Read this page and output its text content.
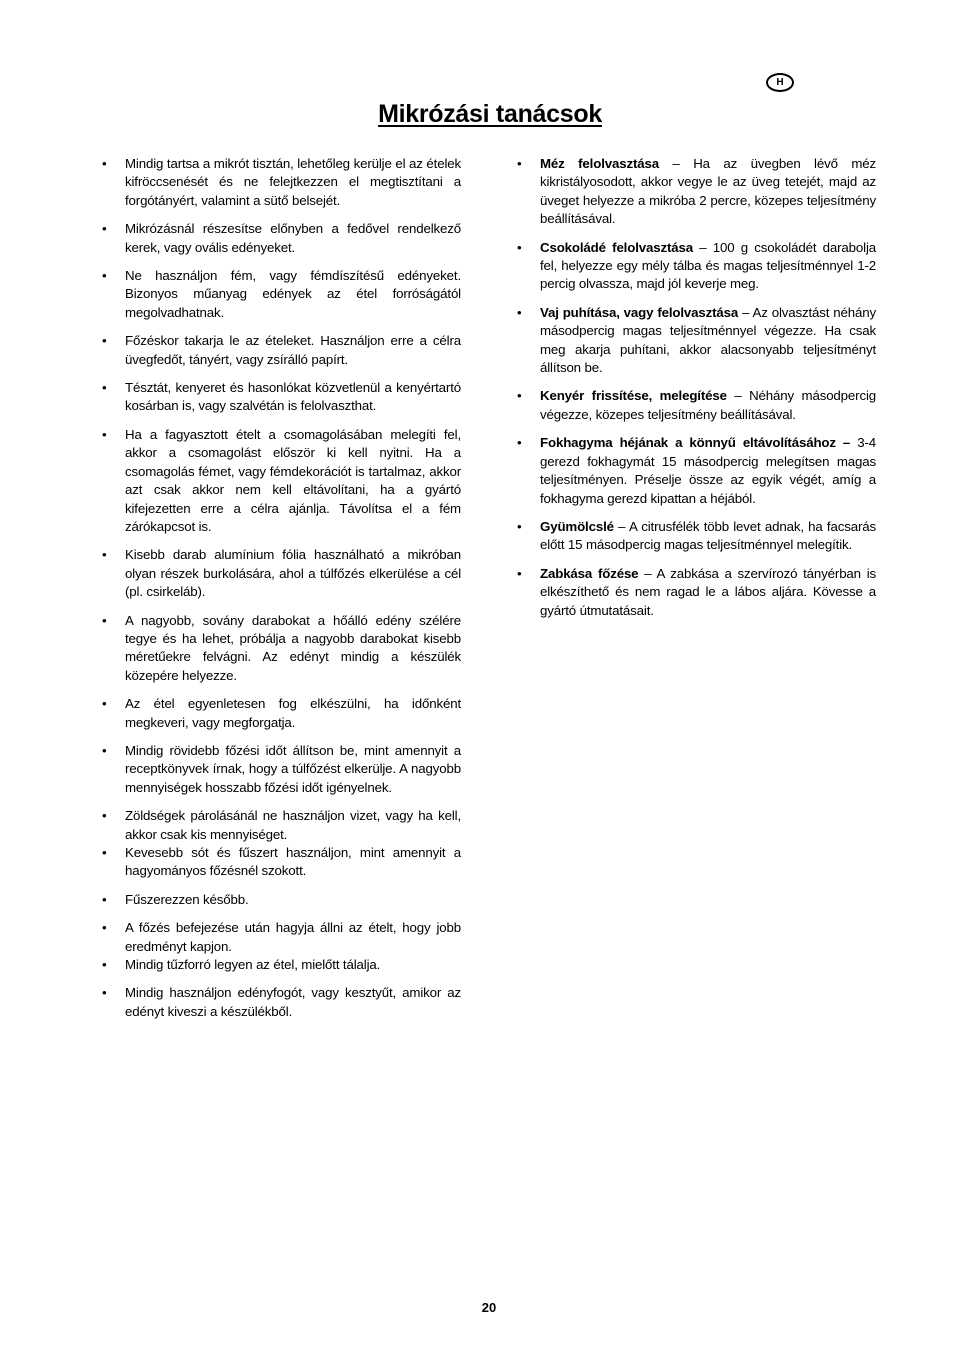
H
Mikrózási tanácsok
• Mindig tartsa a mikrót tisztán, lehetőleg kerülje el az ételek kifröccsenését és ne felejtkezzen el megtisztítani a forgótányért, valamint a sütő belsejét.
• Mikrózásnál részesítse előnyben a fedővel rendelkező kerek, vagy ovális edényeket.
• Ne használjon fém, vagy fémdíszítésű edényeket. Bizonyos műanyag edények az étel forróságától megolvadhatnak.
• Főzéskor takarja le az ételeket. Használjon erre a célra üvegfedőt, tányért, vagy zsírálló papírt.
• Tésztát, kenyeret és hasonlókat közvetlenül a kenyértartó kosárban is, vagy szalvétán is felolvaszthat.
• Ha a fagyasztott ételt a csomagolásában melegíti fel, akkor a csomagolást először ki kell nyitni. Ha a csomagolás fémet, vagy fémdekorációt is tartalmaz, akkor azt csak akkor nem kell eltávolítani, ha a gyártó kifejezetten erre a célra ajánlja. Távolítsa el a fém zárókapcsot is.
• Kisebb darab alumínium fólia használható a mikróban olyan részek burkolására, ahol a túlfőzés elkerülése a cél (pl. csirkeláb).
• A nagyobb, sovány darabokat a hőálló edény szélére tegye és ha lehet, próbálja a nagyobb darabokat kisebb méretűekre felvágni. Az edényt mindig a készülék közepére helyezze.
• Az étel egyenletesen fog elkészülni, ha időnként megkeveri, vagy megforgatja.
• Mindig rövidebb főzési időt állítson be, mint amennyit a receptkönyvek írnak, hogy a túlfőzést elkerülje. A nagyobb mennyiségek hosszabb főzési időt igényelnek.
• Zöldségek párolásánál ne használjon vizet, vagy ha kell, akkor csak kis mennyiséget.
• Kevesebb sót és fűszert használjon, mint amennyit a hagyományos főzésnél szokott.
• Fűszerezzen később.
• A főzés befejezése után hagyja állni az ételt, hogy jobb eredményt kapjon.
• Mindig tűzforró legyen az étel, mielőtt tálalja.
• Mindig használjon edényfogót, vagy kesztyűt, amikor az edényt kiveszi a készülékből.
• Méz felolvasztása – Ha az üvegben lévő méz kikristályosodott, akkor vegye le az üveg tetejét, majd az üveget helyezze a mikróba 2 percre, közepes teljesítmény beállításával.
• Csokoládé felolvasztása – 100 g csokoládét darabolja fel, helyezze egy mély tálba és magas teljesítménnyel 1-2 percig olvassza, majd jól keverje meg.
• Vaj puhítása, vagy felolvasztása – Az olvasztást néhány másodpercig magas teljesítménnyel végezze. Ha csak meg akarja puhítani, akkor alacsonyabb teljesítményt állítson be.
• Kenyér frissítése, melegítése – Néhány másodpercig végezze, közepes teljesítmény beállításával.
• Fokhagyma héjának a könnyű eltávolításához – 3-4 gerezd fokhagymát 15 másodpercig melegítsen magas teljesítményen. Préselje össze az egyik végét, amíg a fokhagyma gerezd kipattan a héjából.
• Gyümölcslé – A citrusfélék több levet adnak, ha facsarás előtt 15 másodpercig magas teljesítménnyel melegítik.
• Zabkása főzése – A zabkása a szervírozó tányérban is elkészíthető és nem ragad le a lábos aljára. Kövesse a gyártó útmutatásait.
20
